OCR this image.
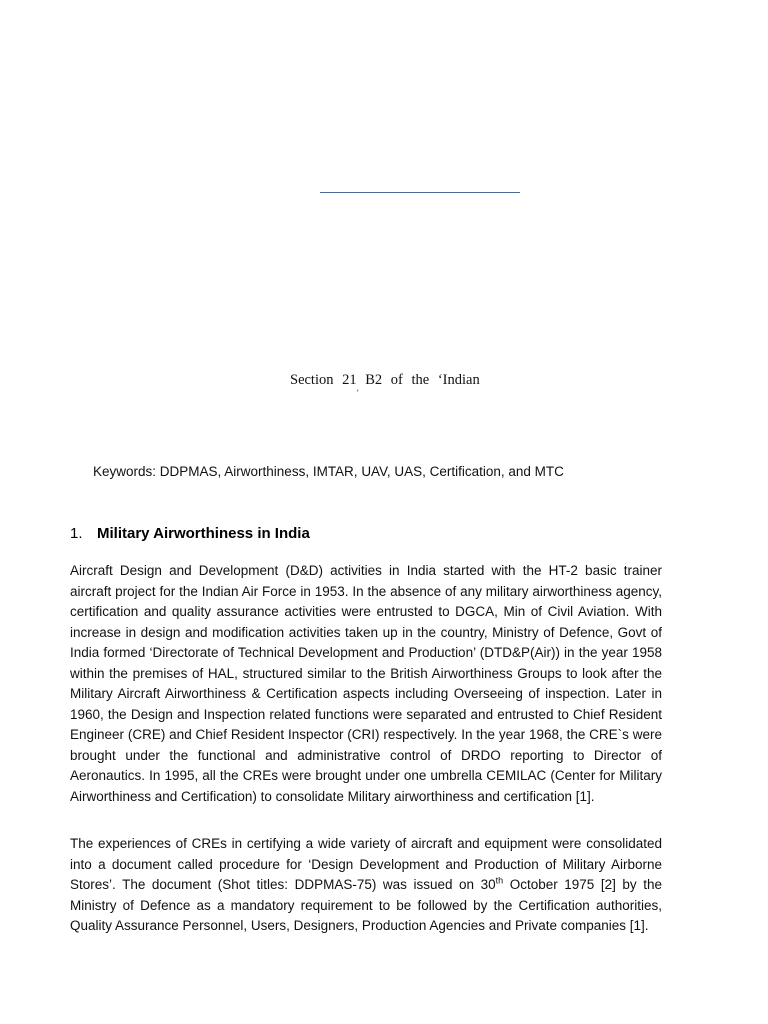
Section 21 B2 of the ‘Indian
’
Keywords: DDPMAS, Airworthiness, IMTAR, UAV, UAS, Certification, and MTC
1. Military Airworthiness in India
Aircraft Design and Development (D&D) activities in India started with the HT-2 basic trainer aircraft project for the Indian Air Force in 1953. In the absence of any military airworthiness agency, certification and quality assurance activities were entrusted to DGCA, Min of Civil Aviation. With increase in design and modification activities taken up in the country, Ministry of Defence, Govt of India formed ‘Directorate of Technical Development and Production’ (DTD&P(Air)) in the year 1958 within the premises of HAL, structured similar to the British Airworthiness Groups to look after the Military Aircraft Airworthiness & Certification aspects including Overseeing of inspection. Later in 1960, the Design and Inspection related functions were separated and entrusted to Chief Resident Engineer (CRE) and Chief Resident Inspector (CRI) respectively. In the year 1968, the CRE`s were brought under the functional and administrative control of DRDO reporting to Director of Aeronautics. In 1995, all the CREs were brought under one umbrella CEMILAC (Center for Military Airworthiness and Certification) to consolidate Military airworthiness and certification [1].
The experiences of CREs in certifying a wide variety of aircraft and equipment were consolidated into a document called procedure for ‘Design Development and Production of Military Airborne Stores’. The document (Shot titles: DDPMAS-75) was issued on 30th October 1975 [2] by the Ministry of Defence as a mandatory requirement to be followed by the Certification authorities, Quality Assurance Personnel, Users, Designers, Production Agencies and Private companies [1].
